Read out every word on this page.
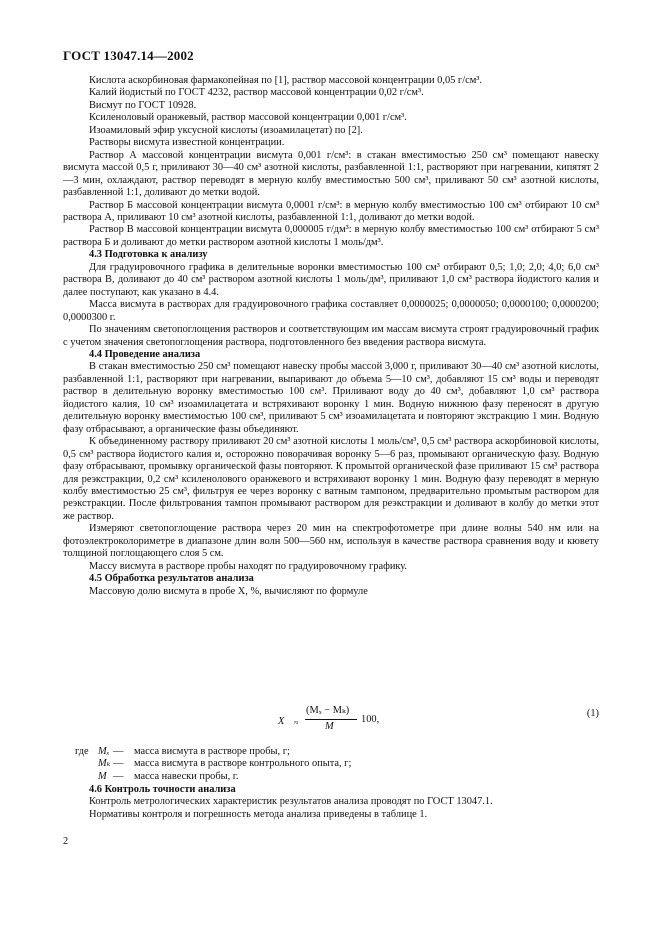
ГОСТ 13047.14—2002

Кислота аскорбиновая фармакопейная по [1], раствор массовой концентрации 0,05 г/см³.

Калий йодистый по ГОСТ 4232, раствор массовой концентрации 0,02 г/см³.

Висмут по ГОСТ 10928.

Ксиленоловый оранжевый, раствор массовой концентрации 0,001 г/см³.

Изоамиловый эфир уксусной кислоты (изоамилацетат) по [2].

Растворы висмута известной концентрации.

Раствор А массовой концентрации висмута 0,001 г/см³: в стакан вместимостью 250 см³ помещают навеску висмута массой 0,5 г, приливают 30—40 см³ азотной кислоты, разбавленной 1:1, растворяют при нагревании, кипятят 2—3 мин, охлаждают, раствор переводят в мерную колбу вместимостью 500 см³, приливают 50 см³ азотной кислоты, разбавленной 1:1, доливают до метки водой.

Раствор Б массовой концентрации висмута 0,0001 г/см³: в мерную колбу вместимостью 100 см³ отбирают 10 см³ раствора А, приливают 10 см³ азотной кислоты, разбавленной 1:1, доливают до метки водой.

Раствор В массовой концентрации висмута 0,000005 г/дм³: в мерную колбу вместимостью 100 см³ отбирают 5 см³ раствора Б и доливают до метки раствором азотной кислоты 1 моль/дм³.

4.3 Подготовка к анализу

Для градуировочного графика в делительные воронки вместимостью 100 см³ отбирают 0,5; 1,0; 2,0; 4,0; 6,0 см³ раствора В, доливают до 40 см³ раствором азотной кислоты 1 моль/дм³, приливают 1,0 см³ раствора йодистого калия и далее поступают, как указано в 4.4.

Масса висмута в растворах для градуировочного графика составляет 0,0000025; 0,0000050; 0,0000100; 0,0000200; 0,0000300 г.

По значениям светопоглощения растворов и соответствующим им массам висмута строят градуировочный график с учетом значения светопоглощения раствора, подготовленного без введения раствора висмута.

4.4 Проведение анализа

В стакан вместимостью 250 см³ помещают навеску пробы массой 3,000 г, приливают 30—40 см³ азотной кислоты, разбавленной 1:1, растворяют при нагревании, выпаривают до объема 5—10 см³, добавляют 15 см³ воды и переводят раствор в делительную воронку вместимостью 100 см³. Приливают воду до 40 см³, добавляют 1,0 см³ раствора йодистого калия, 10 см³ изоамилацетата и встряхивают воронку 1 мин. Водную нижнюю фазу переносят в другую делительную воронку вместимостью 100 см³, приливают 5 см³ изоамилацетата и повторяют экстракцию 1 мин. Водную фазу отбрасывают, а органические фазы объединяют.

К объединенному раствору приливают 20 см³ азотной кислоты 1 моль/см³, 0,5 см³ раствора аскорбиновой кислоты, 0,5 см³ раствора йодистого калия и, осторожно поворачивая воронку 5—6 раз, промывают органическую фазу. Водную фазу отбрасывают, промывку органической фазы повторяют. К промытой органической фазе приливают 15 см³ раствора для реэкстракции, 0,2 см³ ксиленолового оранжевого и встряхивают воронку 1 мин. Водную фазу переводят в мерную колбу вместимостью 25 см³, фильтруя ее через воронку с ватным тампоном, предварительно промытым раствором для реэкстракции. После фильтрования тампон промывают раствором для реэкстракции и доливают в колбу до метки этот же раствор.

Измеряют светопоглощение раствора через 20 мин на спектрофотометре при длине волны 540 нм или на фотоэлектроколориметре в диапазоне длин волн 500—560 нм, используя в качестве раствора сравнения воду и кювету толщиной поглощающего слоя 5 см.

Массу висмута в растворе пробы находят по градуировочному графику.

4.5 Обработка результатов анализа

Массовую долю висмута в пробе X, %, вычисляют по формуле

X ≈
(Mₓ − Mₖ)
M
100,
(1)
где Mₓ — масса висмута в растворе пробы, г;
Mₖ — масса висмута в растворе контрольного опыта, г;
M — масса навески пробы, г.

4.6 Контроль точности анализа

Контроль метрологических характеристик результатов анализа проводят по ГОСТ 13047.1.

Нормативы контроля и погрешность метода анализа приведены в таблице 1.

2
